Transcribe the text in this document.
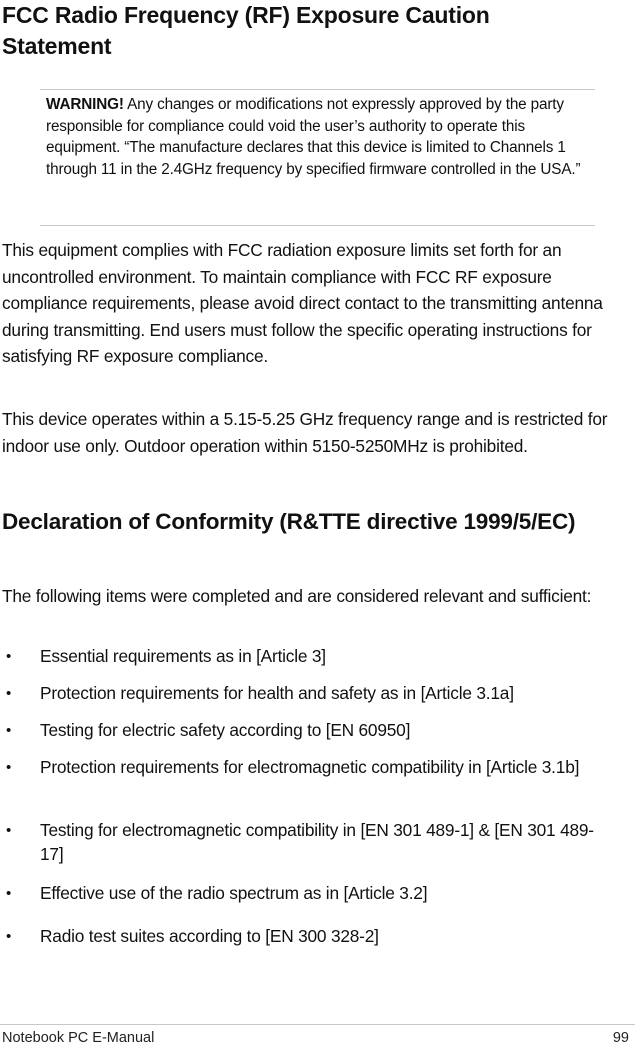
FCC Radio Frequency (RF) Exposure Caution Statement

WARNING! Any changes or modifications not expressly approved by the party responsible for compliance could void the user’s authority to operate this equipment. “The manufacture declares that this device is limited to Channels 1 through 11 in the 2.4GHz frequency by specified firmware controlled in the USA.”

This equipment complies with FCC radiation exposure limits set forth for an uncontrolled environment. To maintain compliance with FCC RF exposure compliance requirements, please avoid direct contact to the transmitting antenna during transmitting. End users must follow the specific operating instructions for satisfying RF exposure compliance.

This device operates within a 5.15-5.25 GHz frequency range and is restricted for indoor use only. Outdoor operation within 5150-5250MHz is prohibited.

Declaration of Conformity (R&TTE directive 1999/5/EC)

The following items were completed and are considered relevant and sufficient:

• Essential requirements as in [Article 3]
• Protection requirements for health and safety as in [Article 3.1a]
• Testing for electric safety according to [EN 60950]
• Protection requirements for electromagnetic compatibility in [Article 3.1b]
• Testing for electromagnetic compatibility in [EN 301 489-1] & [EN 301 489-17]
• Effective use of the radio spectrum as in [Article 3.2]
• Radio test suites according to [EN 300 328-2]
Notebook PC E-Manual	99
